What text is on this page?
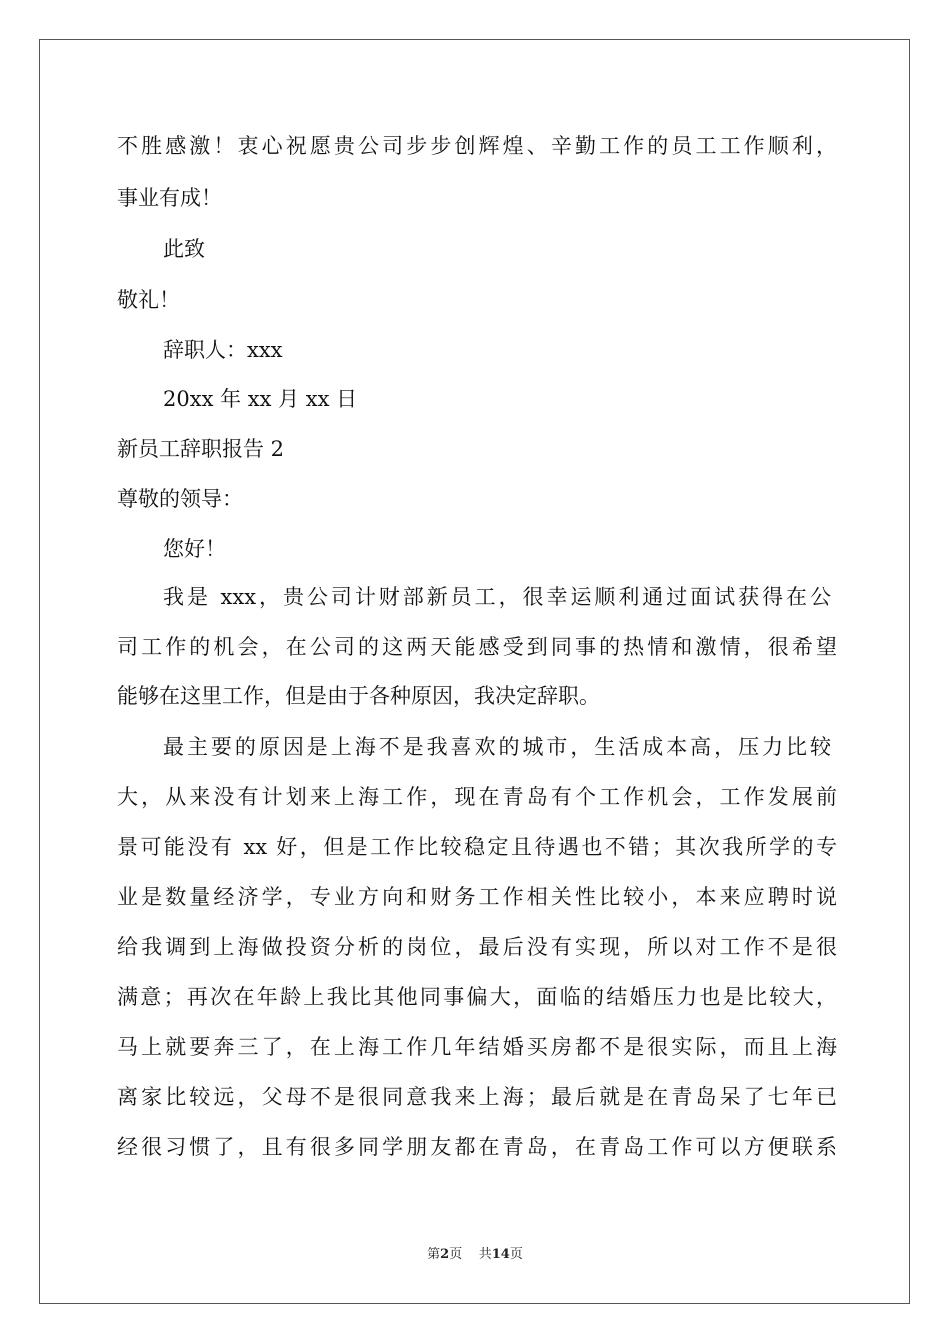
不胜感激！衷心祝愿贵公司步步创辉煌、辛勤工作的员工工作顺利，
事业有成！
此致
敬礼！
辞职人：xxx
20xx 年 xx 月 xx 日
新员工辞职报告 2
尊敬的领导：
您好！
我是 xxx，贵公司计财部新员工，很幸运顺利通过面试获得在公
司工作的机会，在公司的这两天能感受到同事的热情和激情，很希望
能够在这里工作，但是由于各种原因，我决定辞职。
最主要的原因是上海不是我喜欢的城市，生活成本高，压力比较
大，从来没有计划来上海工作，现在青岛有个工作机会，工作发展前
景可能没有 xx 好，但是工作比较稳定且待遇也不错；其次我所学的专
业是数量经济学，专业方向和财务工作相关性比较小，本来应聘时说
给我调到上海做投资分析的岗位，最后没有实现，所以对工作不是很
满意；再次在年龄上我比其他同事偏大，面临的结婚压力也是比较大，
马上就要奔三了，在上海工作几年结婚买房都不是很实际，而且上海
离家比较远，父母不是很同意我来上海；最后就是在青岛呆了七年已
经很习惯了，且有很多同学朋友都在青岛，在青岛工作可以方便联系
第2页    共14页
